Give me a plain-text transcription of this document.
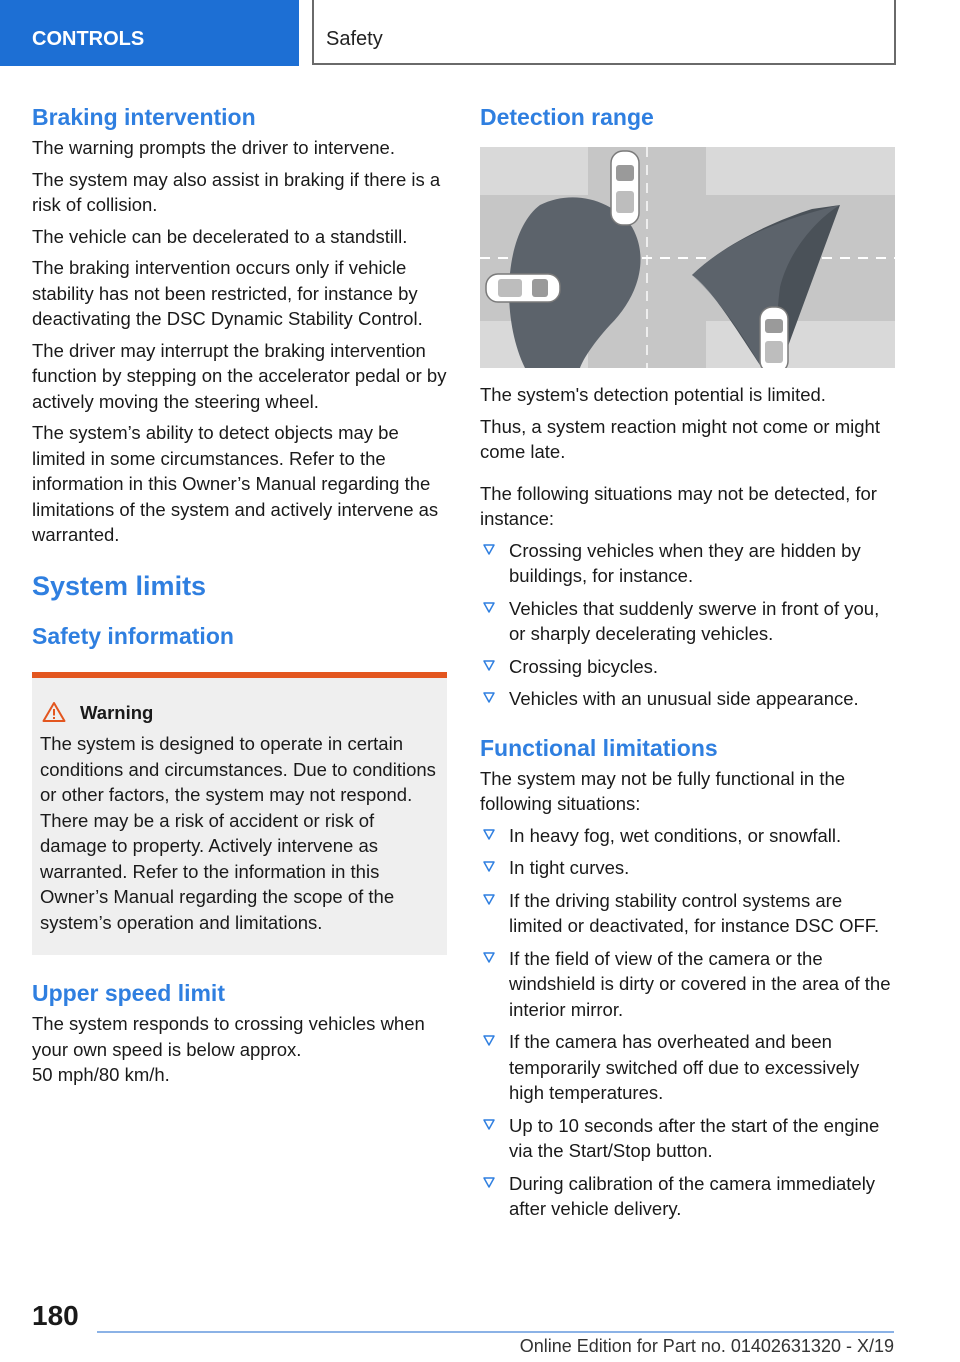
CONTROLS	Safety
Braking intervention

The warning prompts the driver to intervene.

The system may also assist in braking if there is a risk of collision.

The vehicle can be decelerated to a standstill.

The braking intervention occurs only if vehicle stability has not been restricted, for instance by deactivating the DSC Dynamic Stability Control.

The driver may interrupt the braking intervention function by stepping on the accelerator pedal or by actively moving the steering wheel.

The system’s ability to detect objects may be limited in some circumstances. Refer to the information in this Owner’s Manual regarding the limitations of the system and actively intervene as warranted.

System limits
Safety information
Warning
The system is designed to operate in certain conditions and circumstances. Due to conditions or other factors, the system may not respond. There may be a risk of accident or risk of damage to property. Actively intervene as warranted. Refer to the information in this Owner’s Manual regarding the scope of the system’s operation and limitations.
Upper speed limit

The system responds to crossing vehicles when your own speed is below approx.

50 mph/80 km/h.

Detection range

The system's detection potential is limited.

Thus, a system reaction might not come or might come late.

The following situations may not be detected, for instance:

Crossing vehicles when they are hidden by buildings, for instance.
Vehicles that suddenly swerve in front of you, or sharply decelerating vehicles.
Crossing bicycles.
Vehicles with an unusual side appearance.
Functional limitations

The system may not be fully functional in the following situations:

In heavy fog, wet conditions, or snowfall.
In tight curves.
If the driving stability control systems are limited or deactivated, for instance DSC OFF.
If the field of view of the camera or the windshield is dirty or covered in the area of the interior mirror.
If the camera has overheated and been temporarily switched off due to excessively high temperatures.
Up to 10 seconds after the start of the engine via the Start/Stop button.
During calibration of the camera immediately after vehicle delivery.
180
Online Edition for Part no. 01402631320 - X/19
